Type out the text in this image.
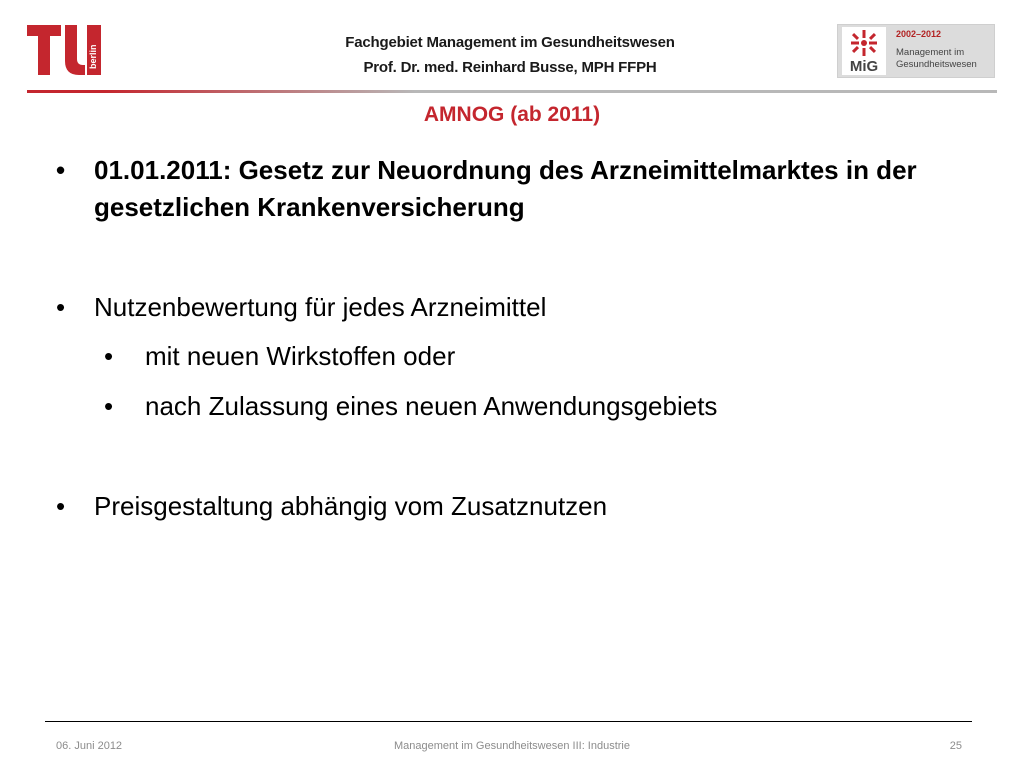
berlin
Fachgebiet Management im Gesundheitswesen
Prof. Dr. med. Reinhard Busse, MPH FFPH	MiG
2002–2012
Management im Gesundheitswesen
AMNOG (ab 2011)
•	01.01.2011: Gesetz zur Neuordnung des Arzneimittelmarktes in der gesetzlichen Krankenversicherung
•	Nutzenbewertung für jedes Arzneimittel
•	mit neuen Wirkstoffen oder
•	nach Zulassung eines neuen Anwendungsgebiets
•	Preisgestaltung abhängig vom Zusatznutzen
06. Juni 2012	Management im Gesundheitswesen III: Industrie	25
